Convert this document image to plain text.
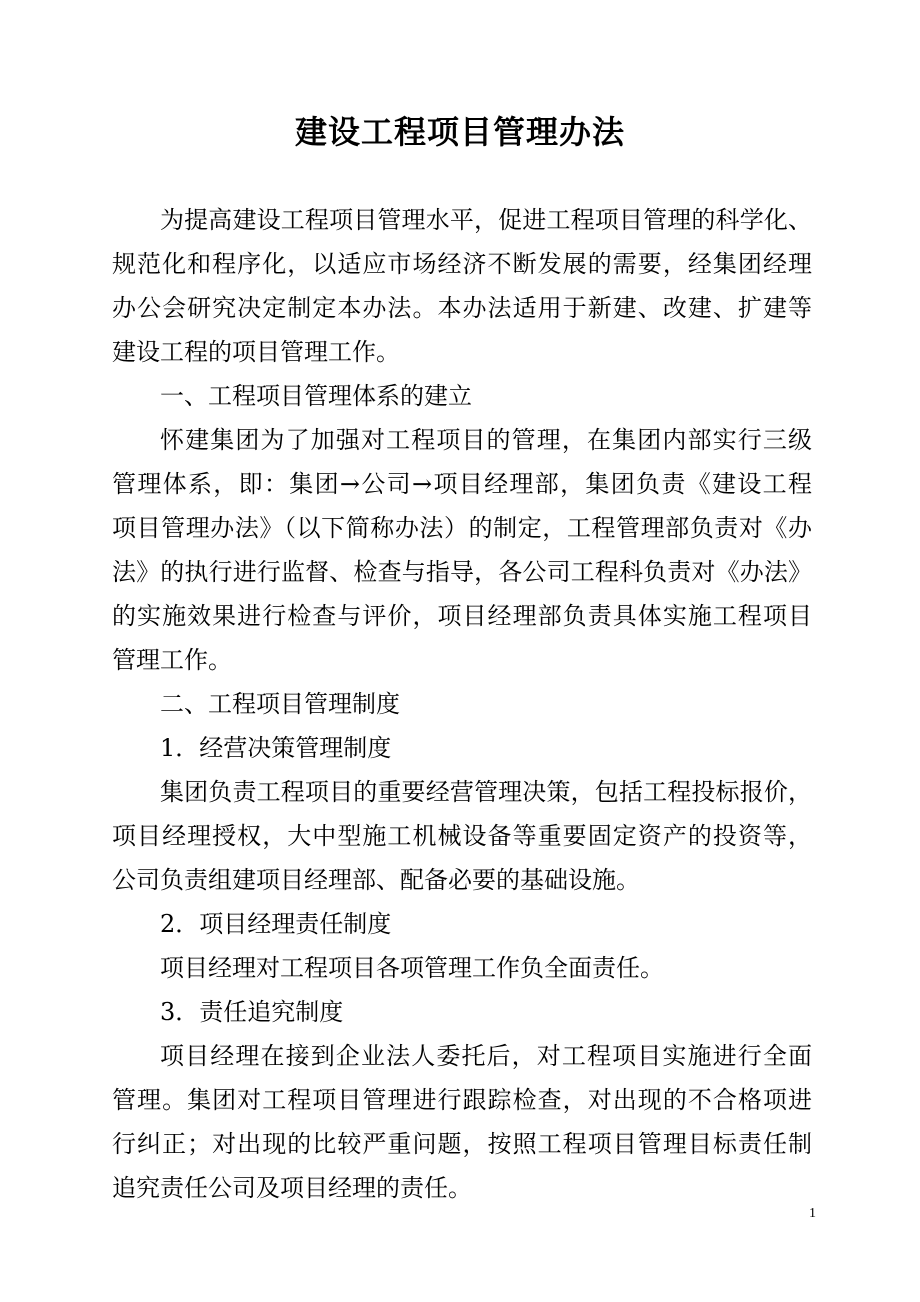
建设工程项目管理办法
为提高建设工程项目管理水平，促进工程项目管理的科学化、
规范化和程序化，以适应市场经济不断发展的需要，经集团经理
办公会研究决定制定本办法。本办法适用于新建、改建、扩建等
建设工程的项目管理工作。
一、工程项目管理体系的建立
怀建集团为了加强对工程项目的管理，在集团内部实行三级
管理体系，即：集团→公司→项目经理部，集团负责《建设工程
项目管理办法》（以下简称办法）的制定，工程管理部负责对《办
法》的执行进行监督、检查与指导，各公司工程科负责对《办法》
的实施效果进行检查与评价，项目经理部负责具体实施工程项目
管理工作。
二、工程项目管理制度
1．经营决策管理制度
集团负责工程项目的重要经营管理决策，包括工程投标报价，
项目经理授权，大中型施工机械设备等重要固定资产的投资等，
公司负责组建项目经理部、配备必要的基础设施。
2．项目经理责任制度
项目经理对工程项目各项管理工作负全面责任。
3．责任追究制度
项目经理在接到企业法人委托后，对工程项目实施进行全面
管理。集团对工程项目管理进行跟踪检查，对出现的不合格项进
行纠正；对出现的比较严重问题，按照工程项目管理目标责任制
追究责任公司及项目经理的责任。
1
